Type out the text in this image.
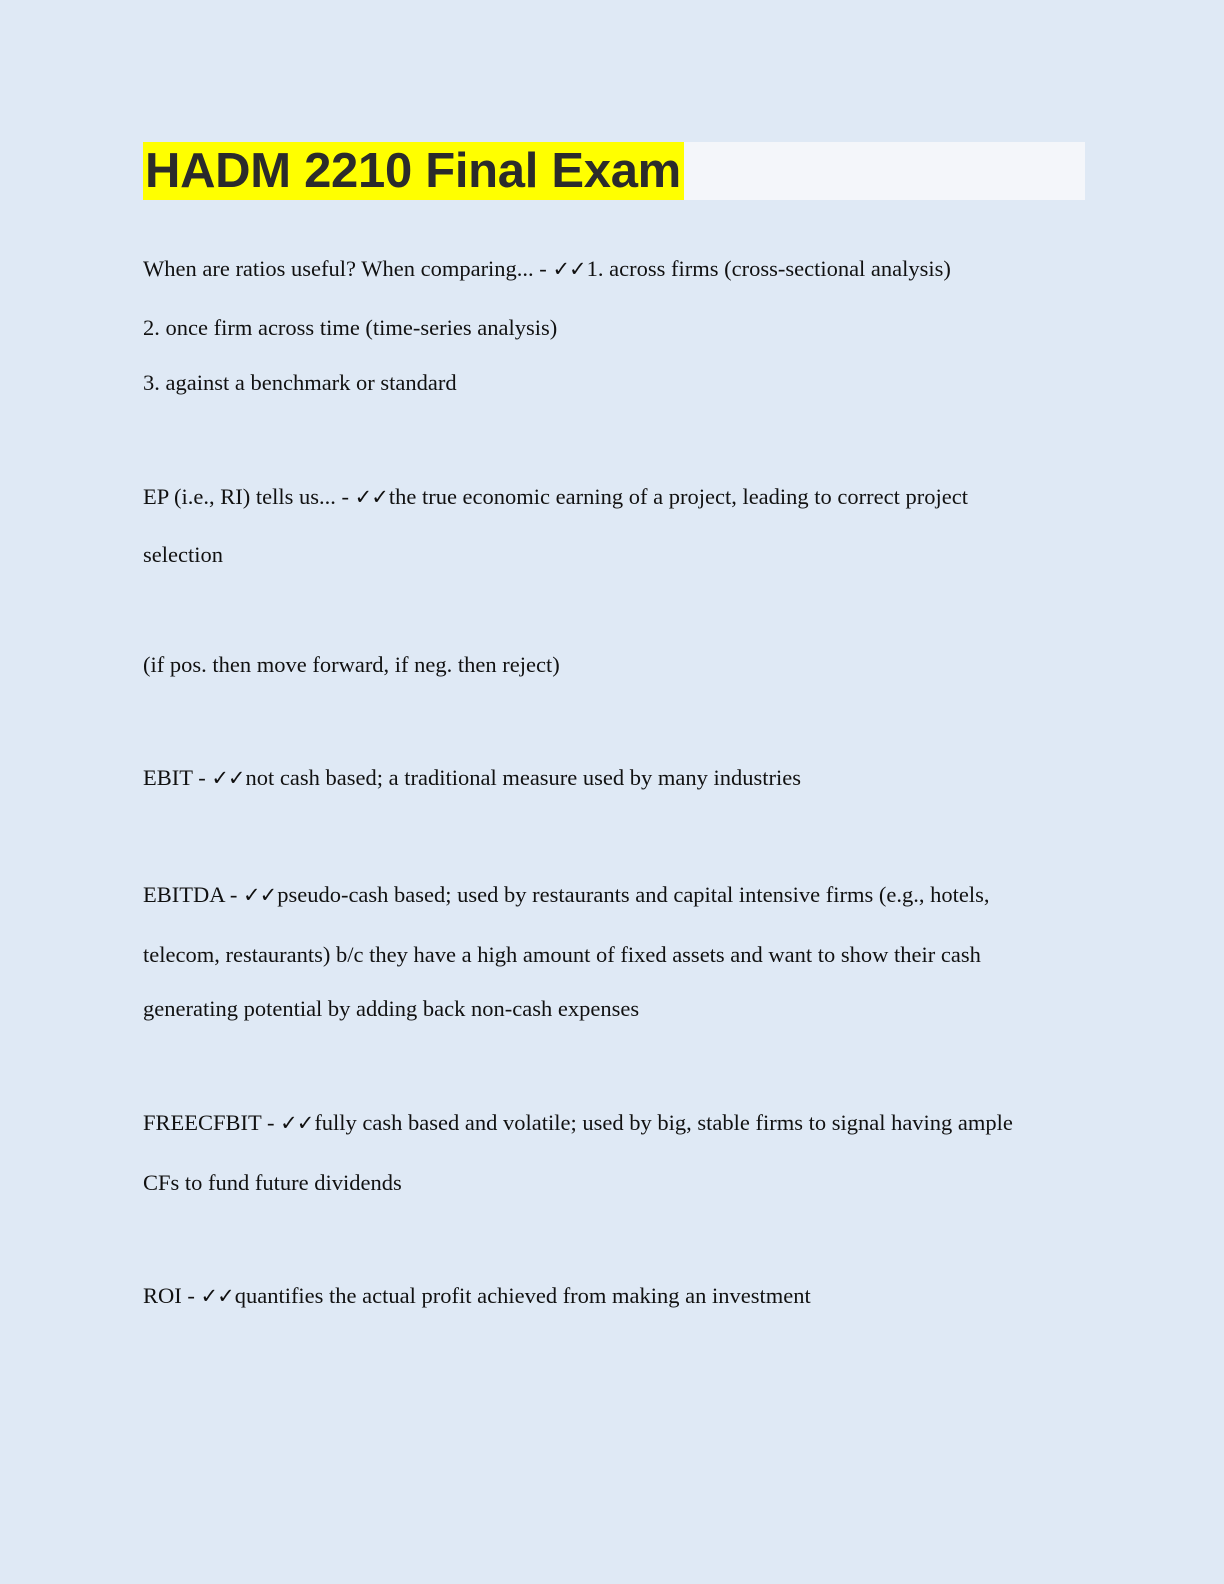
HADM 2210 Final Exam
When are ratios useful? When comparing... - ✓✓1. across firms (cross-sectional analysis)
2. once firm across time (time-series analysis)
3. against a benchmark or standard
EP (i.e., RI) tells us... - ✓✓the true economic earning of a project, leading to correct project
selection
(if pos. then move forward, if neg. then reject)
EBIT - ✓✓not cash based; a traditional measure used by many industries
EBITDA - ✓✓pseudo-cash based; used by restaurants and capital intensive firms (e.g., hotels,
telecom, restaurants) b/c they have a high amount of fixed assets and want to show their cash
generating potential by adding back non-cash expenses
FREECFBIT - ✓✓fully cash based and volatile; used by big, stable firms to signal having ample
CFs to fund future dividends
ROI - ✓✓quantifies the actual profit achieved from making an investment
